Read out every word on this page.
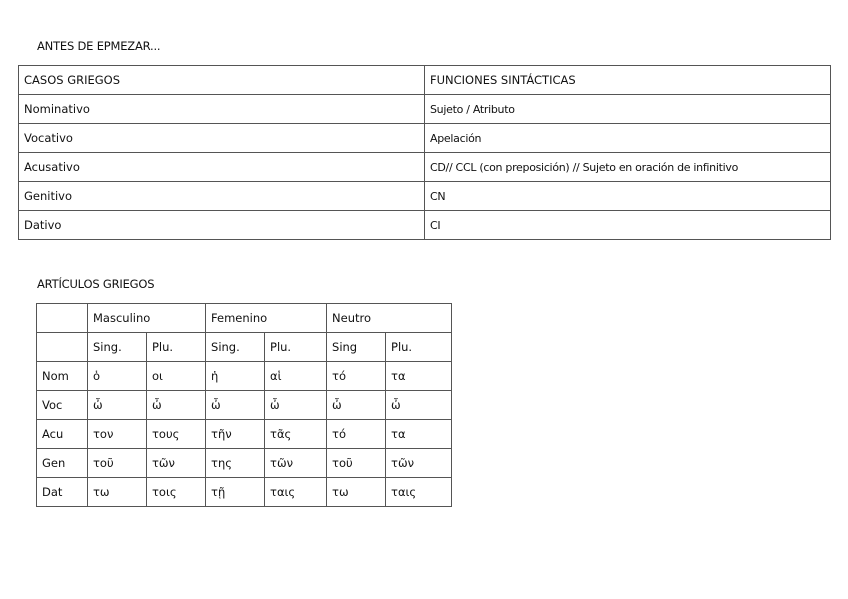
ANTES DE EPMEZAR...
CASOS GRIEGOS	FUNCIONES SINTÁCTICAS
Nominativo	Sujeto / Atributo
Vocativo	Apelación
Acusativo	CD// CCL (con preposición) // Sujeto en oración de infinitivo
Genitivo	CN
Dativo	CI
ARTÍCULOS GRIEGOS
	Masculino		Femenino		Neutro	
	Sing.	Plu.	Sing.	Plu.	Sing	Plu.
Nom	ὁ	οι	ἡ	αἱ	τό	τα
Voc	ὦ	ὦ	ὦ	ὦ	ὦ	ὦ
Acu	τον	τους	τῆν	τᾶς	τό	τα
Gen	τοῦ	τῶν	της	τῶν	τοῦ	τῶν
Dat	τω	τοις	τῇ	ταις	τω	ταις
